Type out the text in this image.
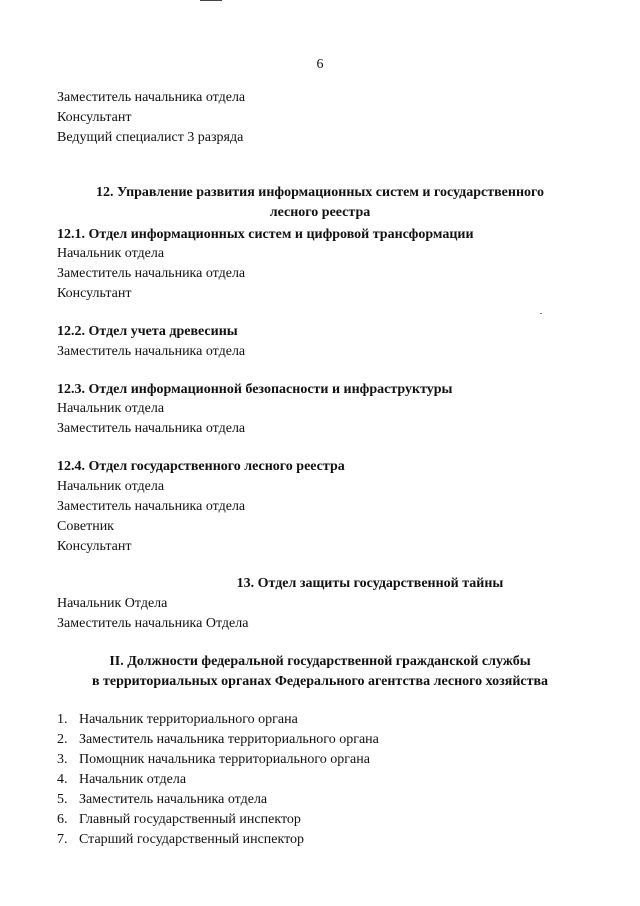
6
Заместитель начальника отдела
Консультант
Ведущий специалист 3 разряда
12. Управление развития информационных систем и государственного
лесного реестра
12.1. Отдел информационных систем и цифровой трансформации
Начальник отдела
Заместитель начальника отдела
Консультант
12.2. Отдел учета древесины
Заместитель начальника отдела
12.3. Отдел информационной безопасности и инфраструктуры
Начальник отдела
Заместитель начальника отдела
12.4. Отдел государственного лесного реестра
Начальник отдела
Заместитель начальника отдела
Советник
Консультант
13. Отдел защиты государственной тайны
Начальник Отдела
Заместитель начальника Отдела
II. Должности федеральной государственной гражданской службы
в территориальных органах Федерального агентства лесного хозяйства
1. Начальник территориального органа
2. Заместитель начальника территориального органа
3. Помощник начальника территориального органа
4. Начальник отдела
5. Заместитель начальника отдела
6. Главный государственный инспектор
7. Старший государственный инспектор
